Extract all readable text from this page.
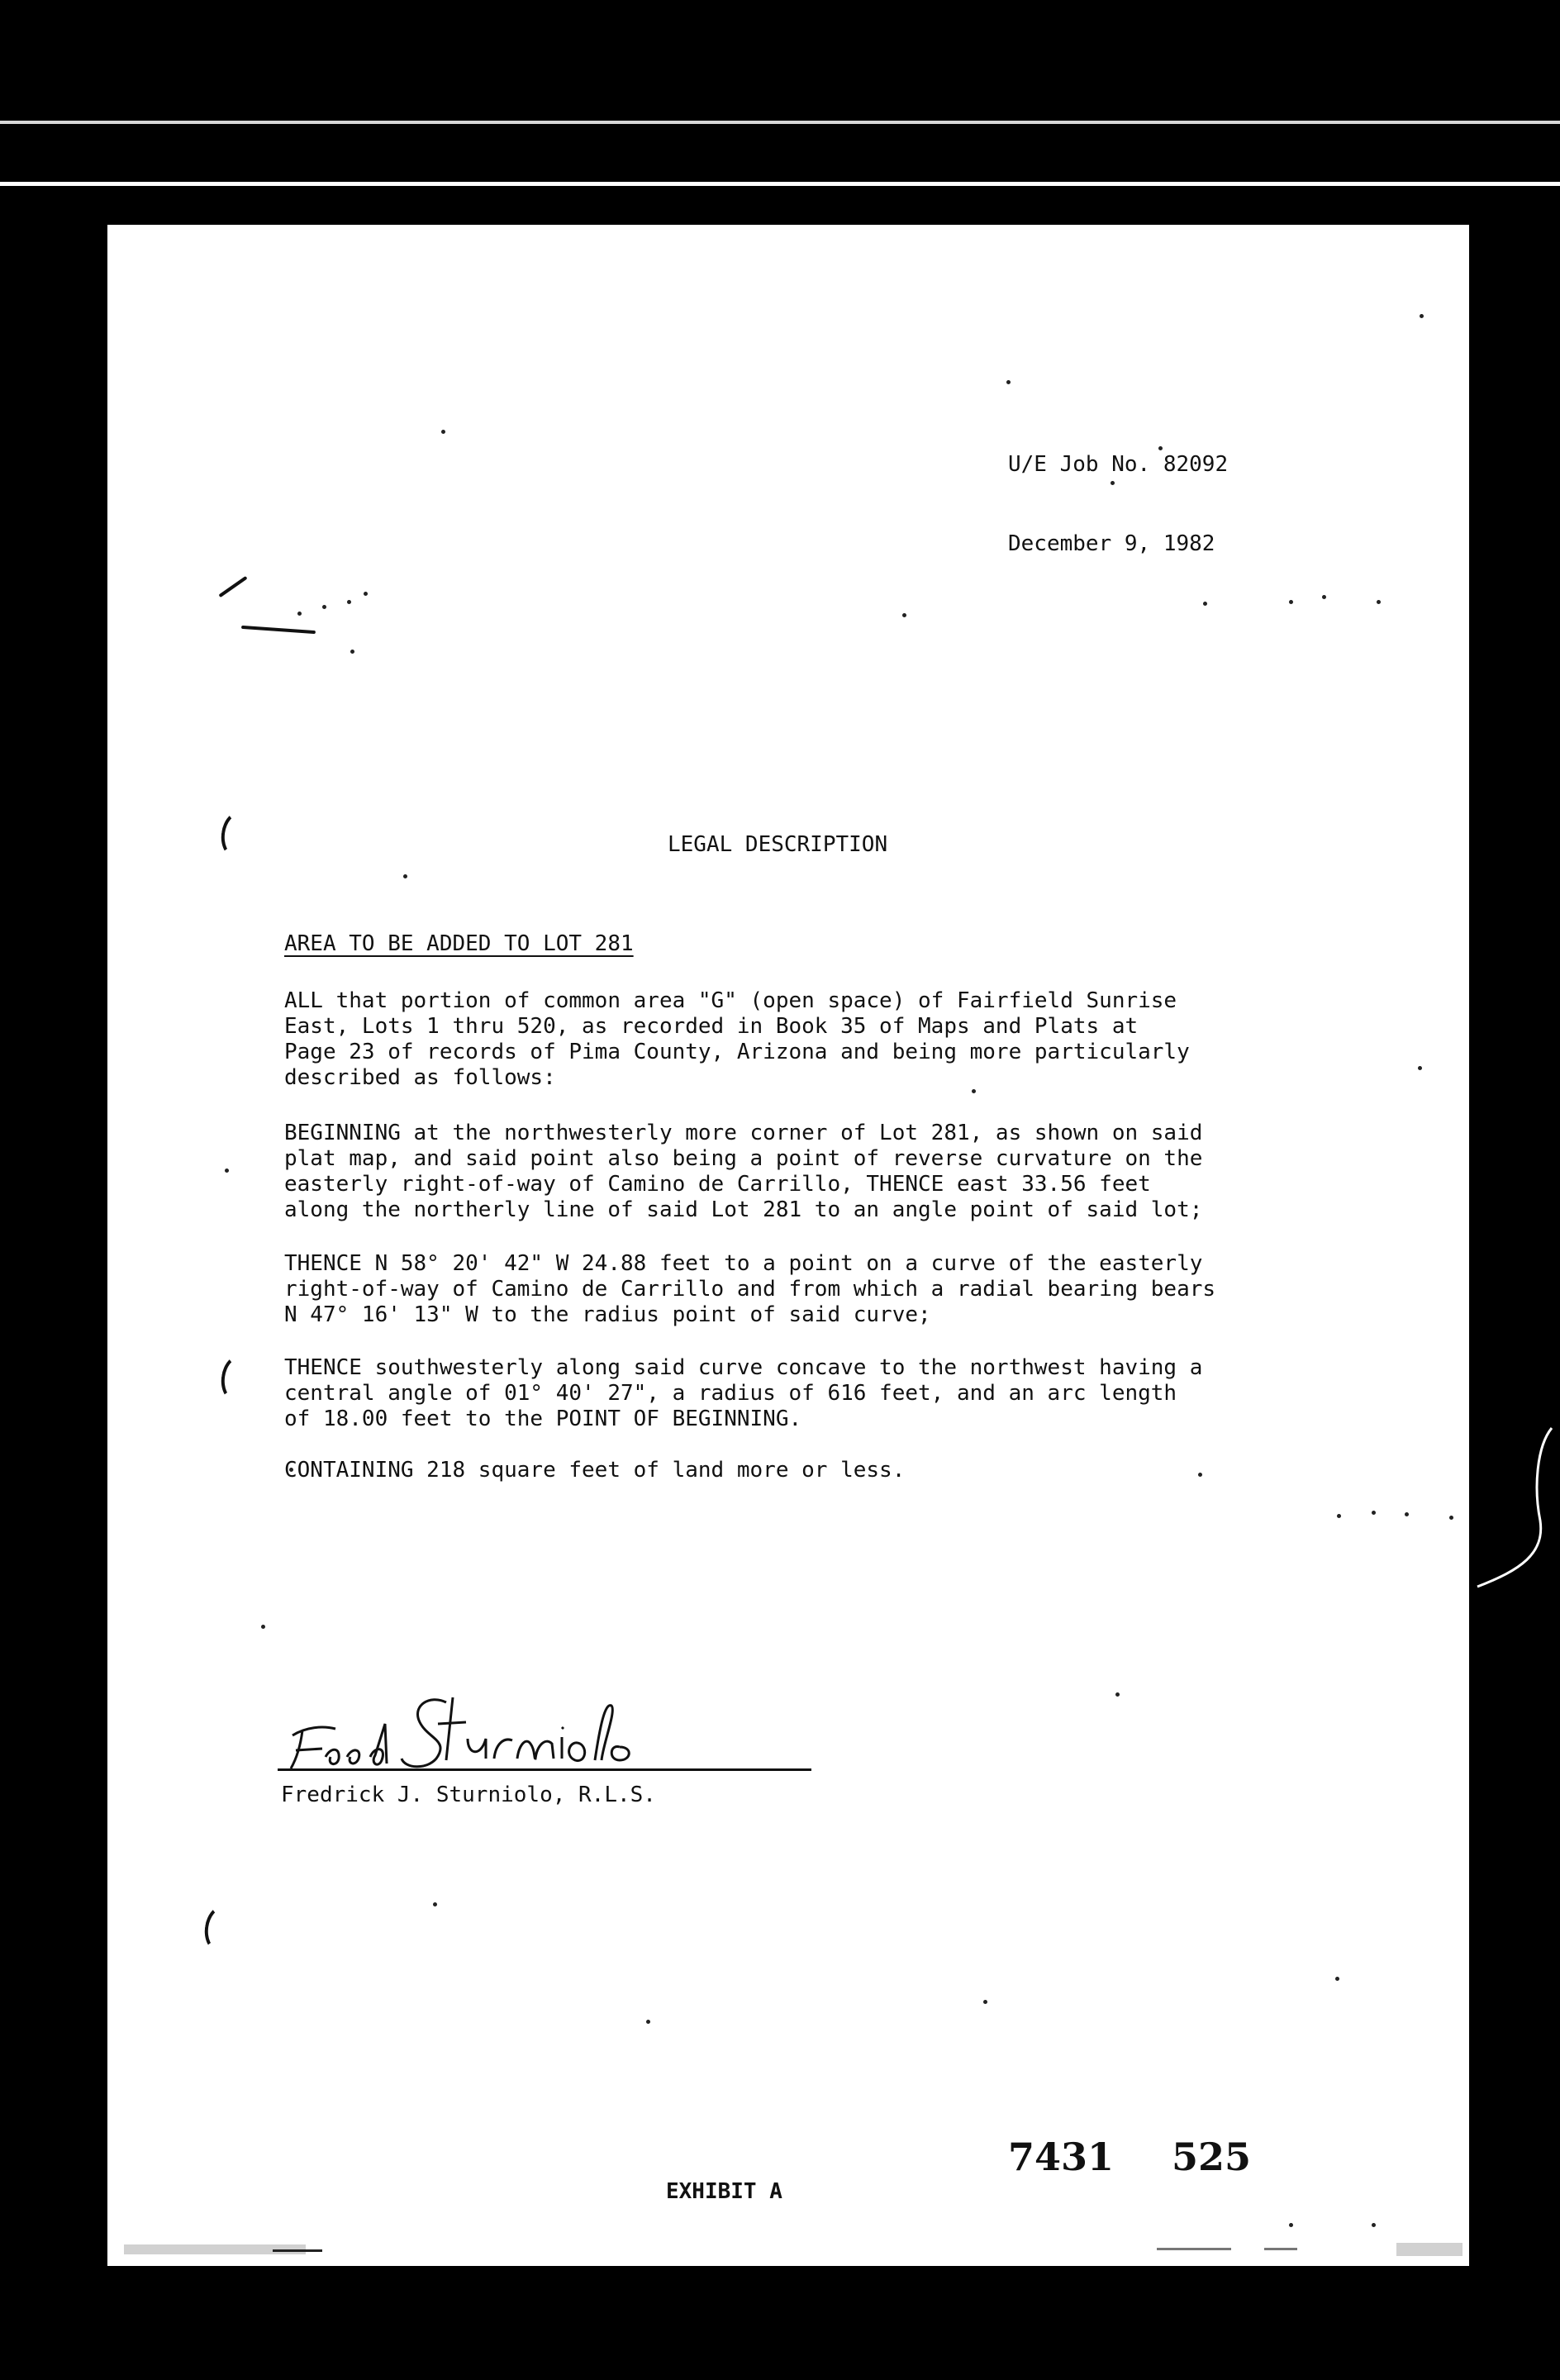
U/E Job No. 82092

December 9, 1982

LEGAL DESCRIPTION
AREA TO BE ADDED TO LOT 281

ALL that portion of common area "G" (open space) of Fairfield Sunrise
East, Lots 1 thru 520, as recorded in Book 35 of Maps and Plats at
Page 23 of records of Pima County, Arizona and being more particularly
described as follows:

BEGINNING at the northwesterly more corner of Lot 281, as shown on said
plat map, and said point also being a point of reverse curvature on the
easterly right-of-way of Camino de Carrillo, THENCE east 33.56 feet
along the northerly line of said Lot 281 to an angle point of said lot;

THENCE N 58° 20' 42" W 24.88 feet to a point on a curve of the easterly
right-of-way of Camino de Carrillo and from which a radial bearing bears
N 47° 16' 13" W to the radius point of said curve;

THENCE southwesterly along said curve concave to the northwest having a
central angle of 01° 40' 27", a radius of 616 feet, and an arc length
of 18.00 feet to the POINT OF BEGINNING.

CONTAINING 218 square feet of land more or less.

Fredrick J. Sturniolo, R.L.S.
7431 525
EXHIBIT A
